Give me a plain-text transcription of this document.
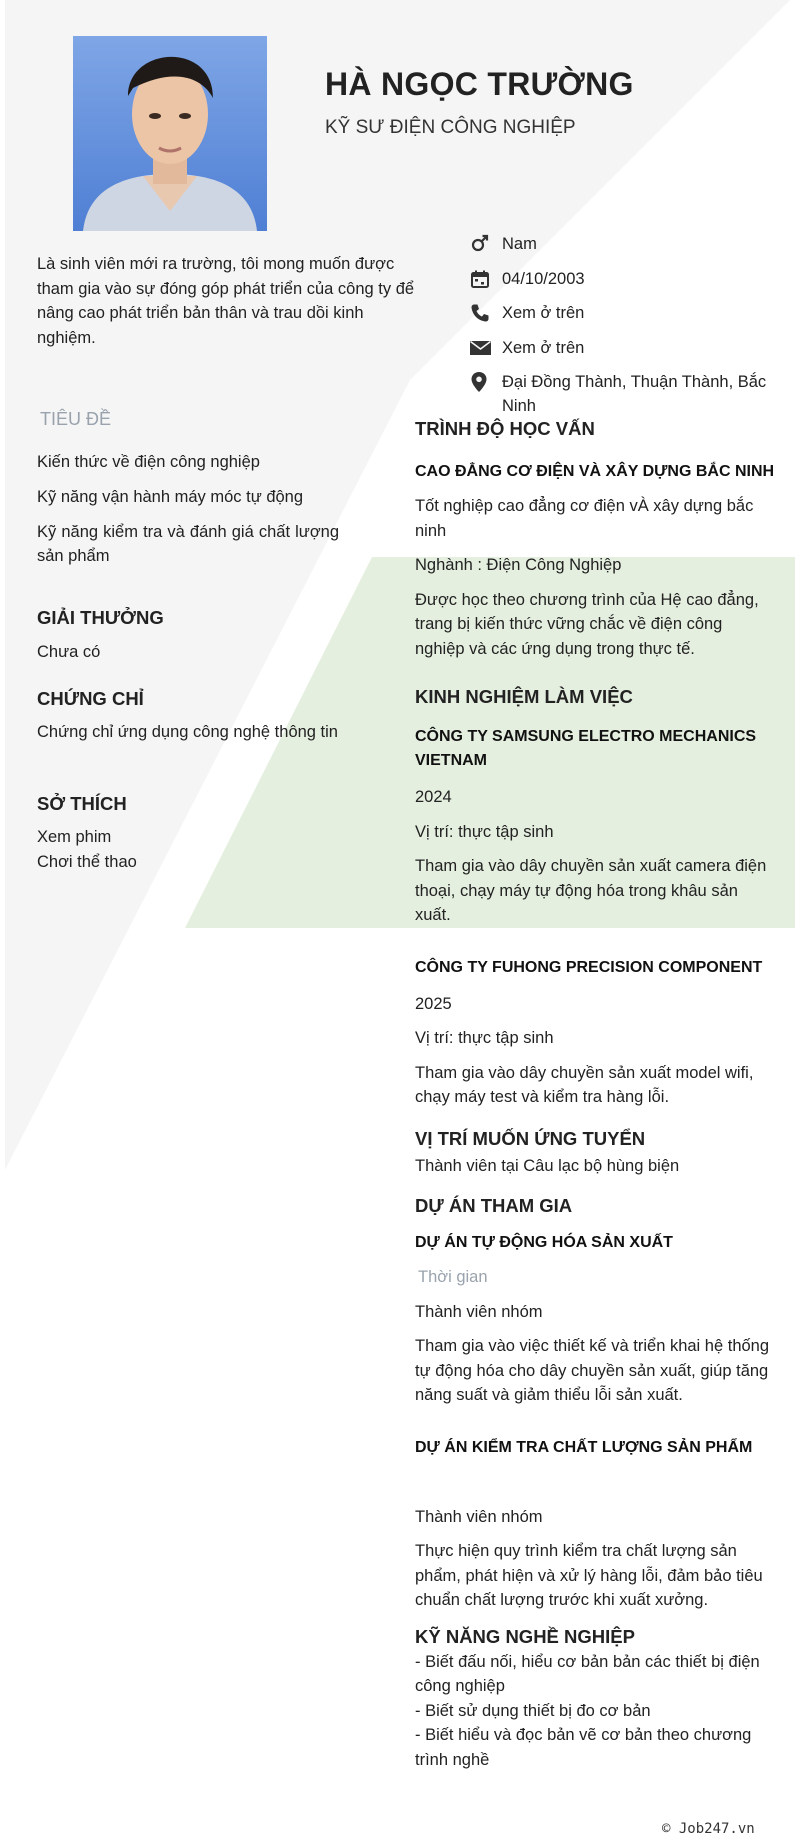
HÀ NGỌC TRƯỜNG
KỸ SƯ ĐIỆN CÔNG NGHIỆP
Là sinh viên mới ra trường, tôi mong muốn được tham gia vào sự đóng góp phát triển của công ty để nâng cao phát triển bản thân và trau dồi kinh nghiệm.
Nam
04/10/2003
Xem ở trên
Xem ở trên
Đại Đồng Thành, Thuận Thành, Bắc Ninh
TIÊU ĐỀ
Kiến thức về điện công nghiệp
Kỹ năng vận hành máy móc tự động
Kỹ năng kiểm tra và đánh giá chất lượng sản phẩm
GIẢI THƯỞNG
Chưa có
CHỨNG CHỈ
Chứng chỉ ứng dụng công nghệ thông tin
SỞ THÍCH
Xem phim
Chơi thể thao
TRÌNH ĐỘ HỌC VẤN
CAO ĐẲNG CƠ ĐIỆN VÀ XÂY DỰNG BẮC NINH
Tốt nghiệp cao đẳng cơ điện vÀ xây dựng bắc ninh
Nghành : Điện Công Nghiệp
Được học theo chương trình của Hệ cao đẳng, trang bị kiến thức vững chắc về điện công nghiệp và các ứng dụng trong thực tế.
KINH NGHIỆM LÀM VIỆC
CÔNG TY SAMSUNG ELECTRO MECHANICS VIETNAM
2024
Vị trí: thực tập sinh
Tham gia vào dây chuyền sản xuất camera điện thoại, chạy máy tự động hóa trong khâu sản xuất.
CÔNG TY FUHONG PRECISION COMPONENT
2025
Vị trí: thực tập sinh
Tham gia vào dây chuyền sản xuất model wifi, chạy máy test và kiểm tra hàng lỗi.
VỊ TRÍ MUỐN ỨNG TUYỂN
Thành viên tại Câu lạc bộ hùng biện
DỰ ÁN THAM GIA
DỰ ÁN TỰ ĐỘNG HÓA SẢN XUẤT
Thời gian
Thành viên nhóm
Tham gia vào việc thiết kế và triển khai hệ thống tự động hóa cho dây chuyền sản xuất, giúp tăng năng suất và giảm thiểu lỗi sản xuất.
DỰ ÁN KIỂM TRA CHẤT LƯỢNG SẢN PHẨM
Thành viên nhóm
Thực hiện quy trình kiểm tra chất lượng sản phẩm, phát hiện và xử lý hàng lỗi, đảm bảo tiêu chuẩn chất lượng trước khi xuất xưởng.
KỸ NĂNG NGHỀ NGHIỆP
- Biết đấu nối, hiểu cơ bản bản các thiết bị điện công nghiệp
- Biết sử dụng thiết bị đo cơ bản
- Biết hiểu và đọc bản vẽ cơ bản theo chương trình nghề
© Job247.vn
